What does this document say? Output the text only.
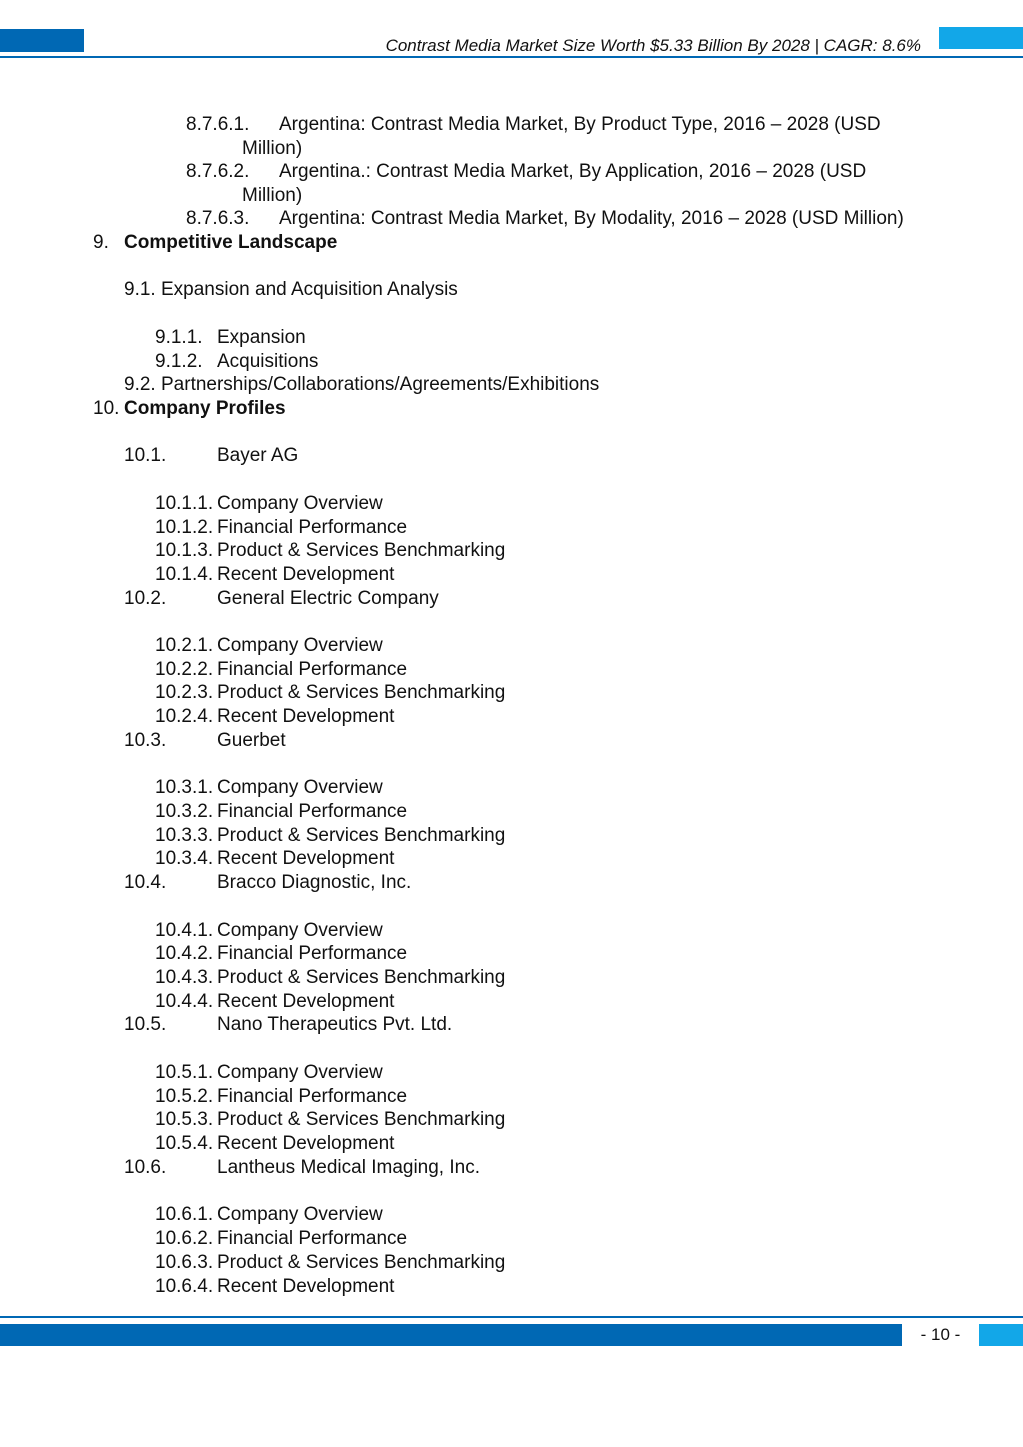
Contrast Media Market Size Worth $5.33 Billion By 2028 | CAGR: 8.6%
8.7.6.1. Argentina: Contrast Media Market, By Product Type, 2016 – 2028 (USD
Million)
8.7.6.2. Argentina.: Contrast Media Market, By Application, 2016 – 2028 (USD
Million)
8.7.6.3. Argentina: Contrast Media Market, By Modality, 2016 – 2028 (USD Million)
9. Competitive Landscape
9.1. Expansion and Acquisition Analysis
9.1.1. Expansion
9.1.2. Acquisitions
9.2. Partnerships/Collaborations/Agreements/Exhibitions
10. Company Profiles
10.1.	Bayer AG
10.1.1. Company Overview
10.1.2. Financial Performance
10.1.3. Product & Services Benchmarking
10.1.4. Recent Development
10.2.	General Electric Company
10.2.1. Company Overview
10.2.2. Financial Performance
10.2.3. Product & Services Benchmarking
10.2.4. Recent Development
10.3.	Guerbet
10.3.1. Company Overview
10.3.2. Financial Performance
10.3.3. Product & Services Benchmarking
10.3.4. Recent Development
10.4.	Bracco Diagnostic, Inc.
10.4.1. Company Overview
10.4.2. Financial Performance
10.4.3. Product & Services Benchmarking
10.4.4. Recent Development
10.5.	Nano Therapeutics Pvt. Ltd.
10.5.1. Company Overview
10.5.2. Financial Performance
10.5.3. Product & Services Benchmarking
10.5.4. Recent Development
10.6.	Lantheus Medical Imaging, Inc.
10.6.1. Company Overview
10.6.2. Financial Performance
10.6.3. Product & Services Benchmarking
10.6.4. Recent Development
- 10 -
